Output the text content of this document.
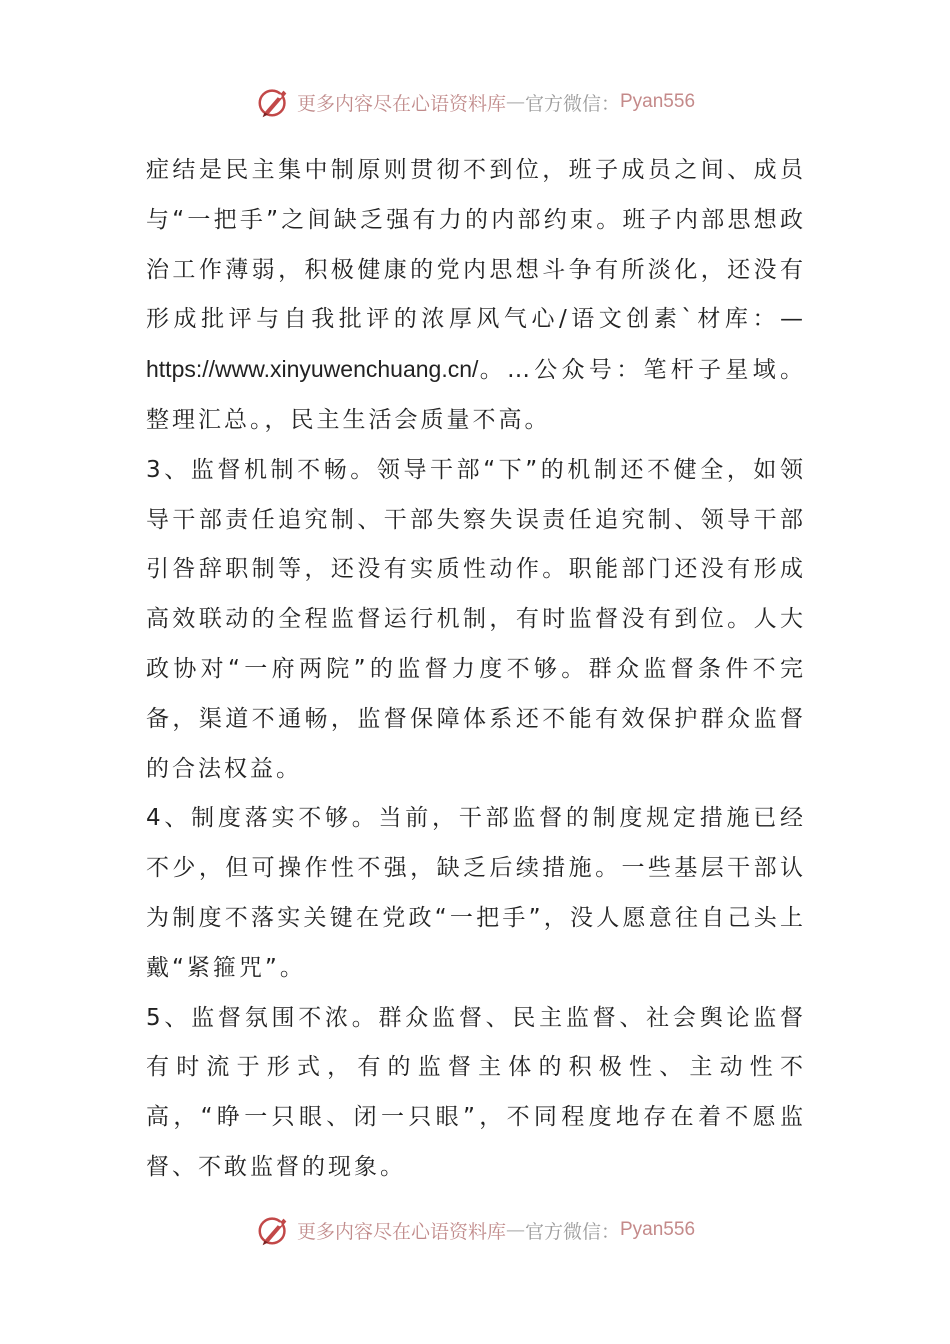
更多内容尽在心语资料库 — 官方微信： Pyan556

症结是民主集中制原则贯彻不到位，班子成员之间、成员与“一把手”之间缺乏强有力的内部约束。班子内部思想政治工作薄弱，积极健康的党内思想斗争有所淡化，还没有形成批评与自我批评的浓厚风气心/语文创素`材库：—https://www.xinyuwenchuang.cn/。…公众号：笔杆子星域。整理汇总。，民主生活会质量不高。

3、监督机制不畅。领导干部“下”的机制还不健全，如领导干部责任追究制、干部失察失误责任追究制、领导干部引咎辞职制等，还没有实质性动作。职能部门还没有形成高效联动的全程监督运行机制，有时监督没有到位。人大政协对“一府两院”的监督力度不够。群众监督条件不完备，渠道不通畅，监督保障体系还不能有效保护群众监督的合法权益。

4、制度落实不够。当前，干部监督的制度规定措施已经不少，但可操作性不强，缺乏后续措施。一些基层干部认为制度不落实关键在党政“一把手”，没人愿意往自己头上戴“紧箍咒”。

5、监督氛围不浓。群众监督、民主监督、社会舆论监督有时流于形式，有的监督主体的积极性、主动性不高，“睁一只眼、闭一只眼”，不同程度地存在着不愿监督、不敢监督的现象。

更多内容尽在心语资料库 — 官方微信： Pyan556
